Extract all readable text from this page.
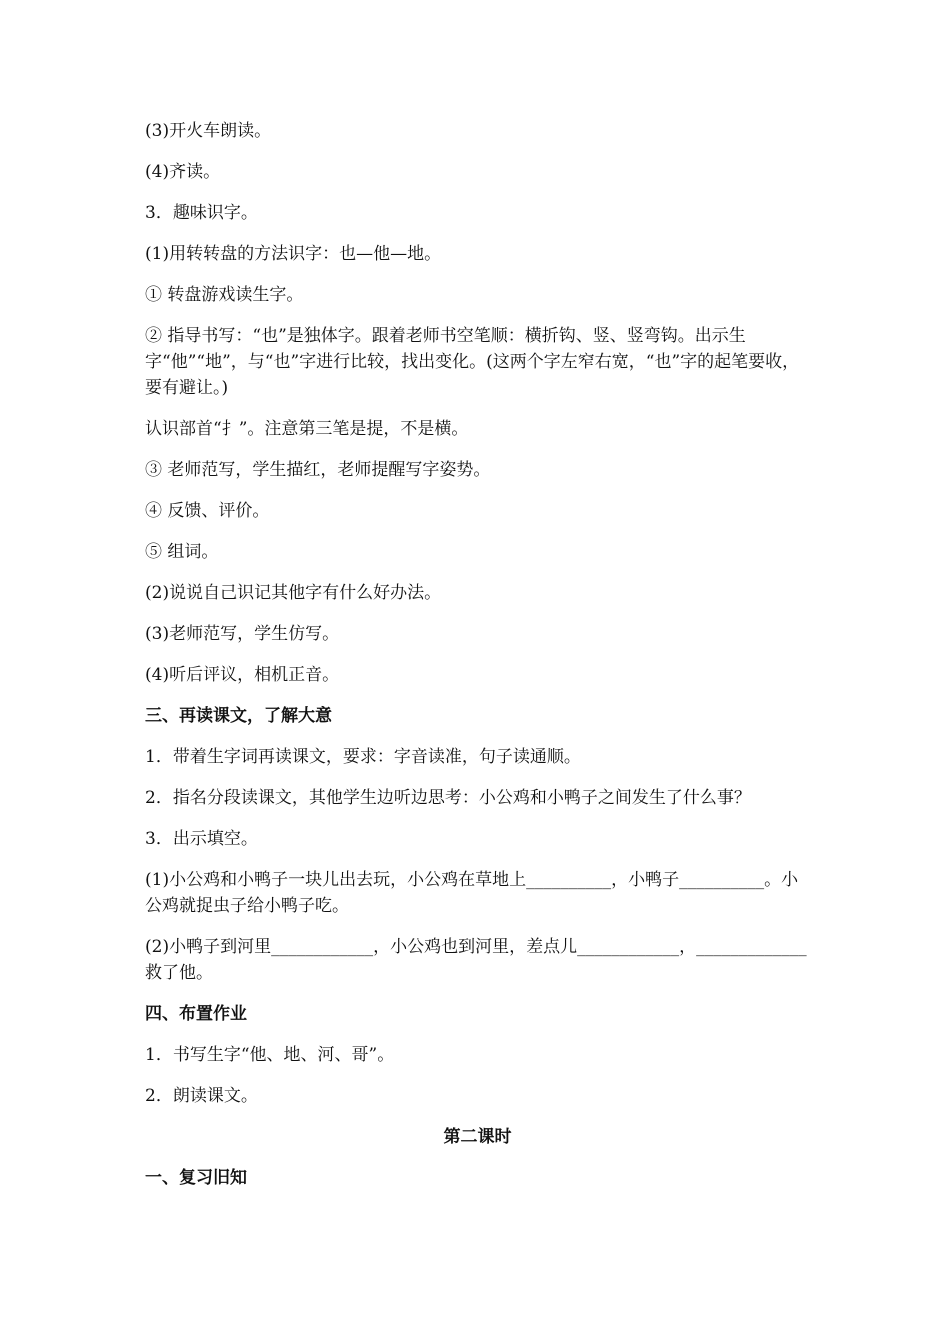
(3)开火车朗读。

(4)齐读。

3．趣味识字。

(1)用转转盘的方法识字：也—他—地。

① 转盘游戏读生字。

② 指导书写：“也”是独体字。跟着老师书空笔顺：横折钩、竖、竖弯钩。出示生字“他”“地”，与“也”字进行比较，找出变化。(这两个字左窄右宽，“也”字的起笔要收，要有避让。)

认识部首“扌”。注意第三笔是提，不是横。

③ 老师范写，学生描红，老师提醒写字姿势。

④ 反馈、评价。

⑤ 组词。

(2)说说自己识记其他字有什么好办法。

(3)老师范写，学生仿写。

(4)听后评议，相机正音。

三、再读课文，了解大意

1．带着生字词再读课文，要求：字音读准，句子读通顺。

2．指名分段读课文，其他学生边听边思考：小公鸡和小鸭子之间发生了什么事？

3．出示填空。

(1)小公鸡和小鸭子一块儿出去玩，小公鸡在草地上__________，小鸭子__________。小公鸡就捉虫子给小鸭子吃。

(2)小鸭子到河里____________，小公鸡也到河里，差点儿____________，_____________救了他。

四、布置作业

1．书写生字“他、地、河、哥”。

2．朗读课文。

第二课时

一、复习旧知
